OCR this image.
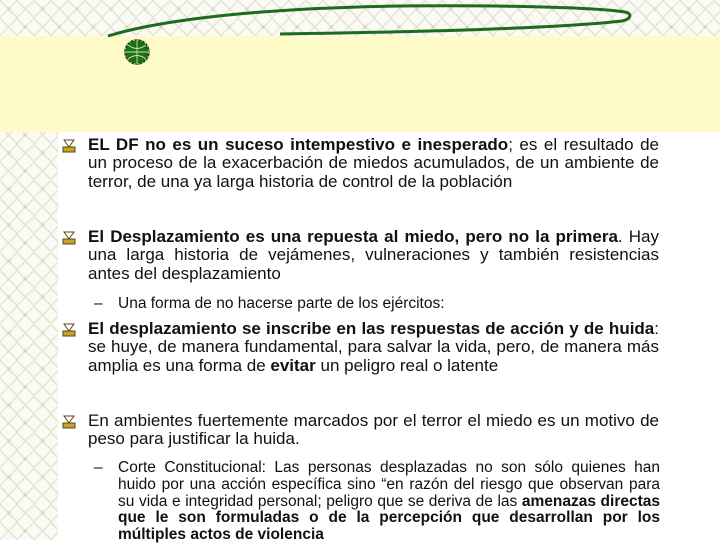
EL DF no es un suceso intempestivo e inesperado; es el resultado de un proceso de la exacerbación de miedos acumulados, de un ambiente de terror, de una ya larga historia de control de la población
El Desplazamiento es una repuesta al miedo, pero no la primera. Hay una larga historia de vejámenes, vulneraciones y también resistencias antes del desplazamiento
– Una forma de no hacerse parte de los ejércitos:
El desplazamiento se inscribe en las respuestas de acción y de huida: se huye, de manera fundamental, para salvar la vida, pero, de manera más amplia es una forma de evitar un peligro real o latente
En ambientes fuertemente marcados por el terror el miedo es un motivo de peso para justificar la huida.
– Corte Constitucional: Las personas desplazadas no son sólo quienes han huido por una acción específica sino “en razón del riesgo que observan para su vida e integridad personal; peligro que se deriva de las amenazas directas que le son formuladas o de la percepción que desarrollan por los múltiples actos de violencia
